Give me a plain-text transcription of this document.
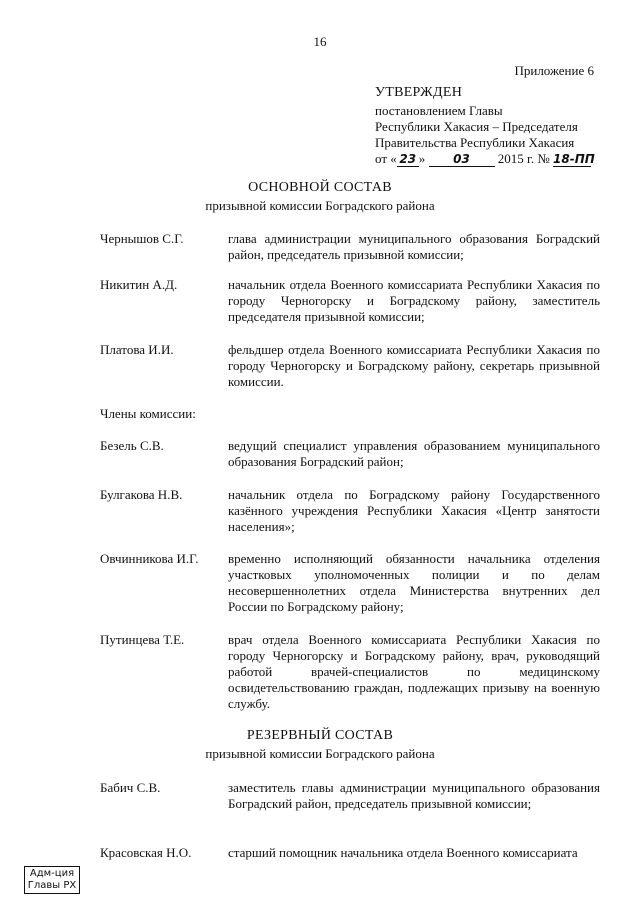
16
Приложение 6
УТВЕРЖДЕН
постановлением Главы
Республики Хакасия – Председателя
Правительства Республики Хакасия
от « 23 » 03 2015 г. № 18-ПП
ОСНОВНОЙ СОСТАВ
призывной комиссии Боградского района
Чернышов С.Г.	глава администрации муниципального образования Боградский район, председатель призывной комиссии;
Никитин А.Д.	начальник отдела Военного комиссариата Республики Хакасия по городу Черногорску и Боградскому району, заместитель председателя призывной комиссии;
Платова И.И.	фельдшер отдела Военного комиссариата Республики Хакасия по городу Черногорску и Боградскому району, секретарь призывной комиссии.
Члены комиссии:
Безель С.В.	ведущий специалист управления образованием муниципального образования Боградский район;
Булгакова Н.В.	начальник отдела по Боградскому району Государственного казённого учреждения Республики Хакасия «Центр занятости населения»;
Овчинникова И.Г.	временно исполняющий обязанности начальника отделения участковых уполномоченных полиции и по делам несовершеннолетних отдела Министерства внутренних дел России по Боградскому району;
Путинцева Т.Е.	врач отдела Военного комиссариата Республики Хакасия по городу Черногорску и Боградскому району, врач, руководящий работой врачей-специалистов по медицинскому освидетельствованию граждан, подлежащих призыву на военную службу.
РЕЗЕРВНЫЙ СОСТАВ
призывной комиссии Боградского района
Бабич С.В.	заместитель главы администрации муниципального образования Боградский район, председатель призывной комиссии;
Красовская Н.О.	старший помощник начальника отдела Военного комиссариата
Адм-ция
Главы РХ
